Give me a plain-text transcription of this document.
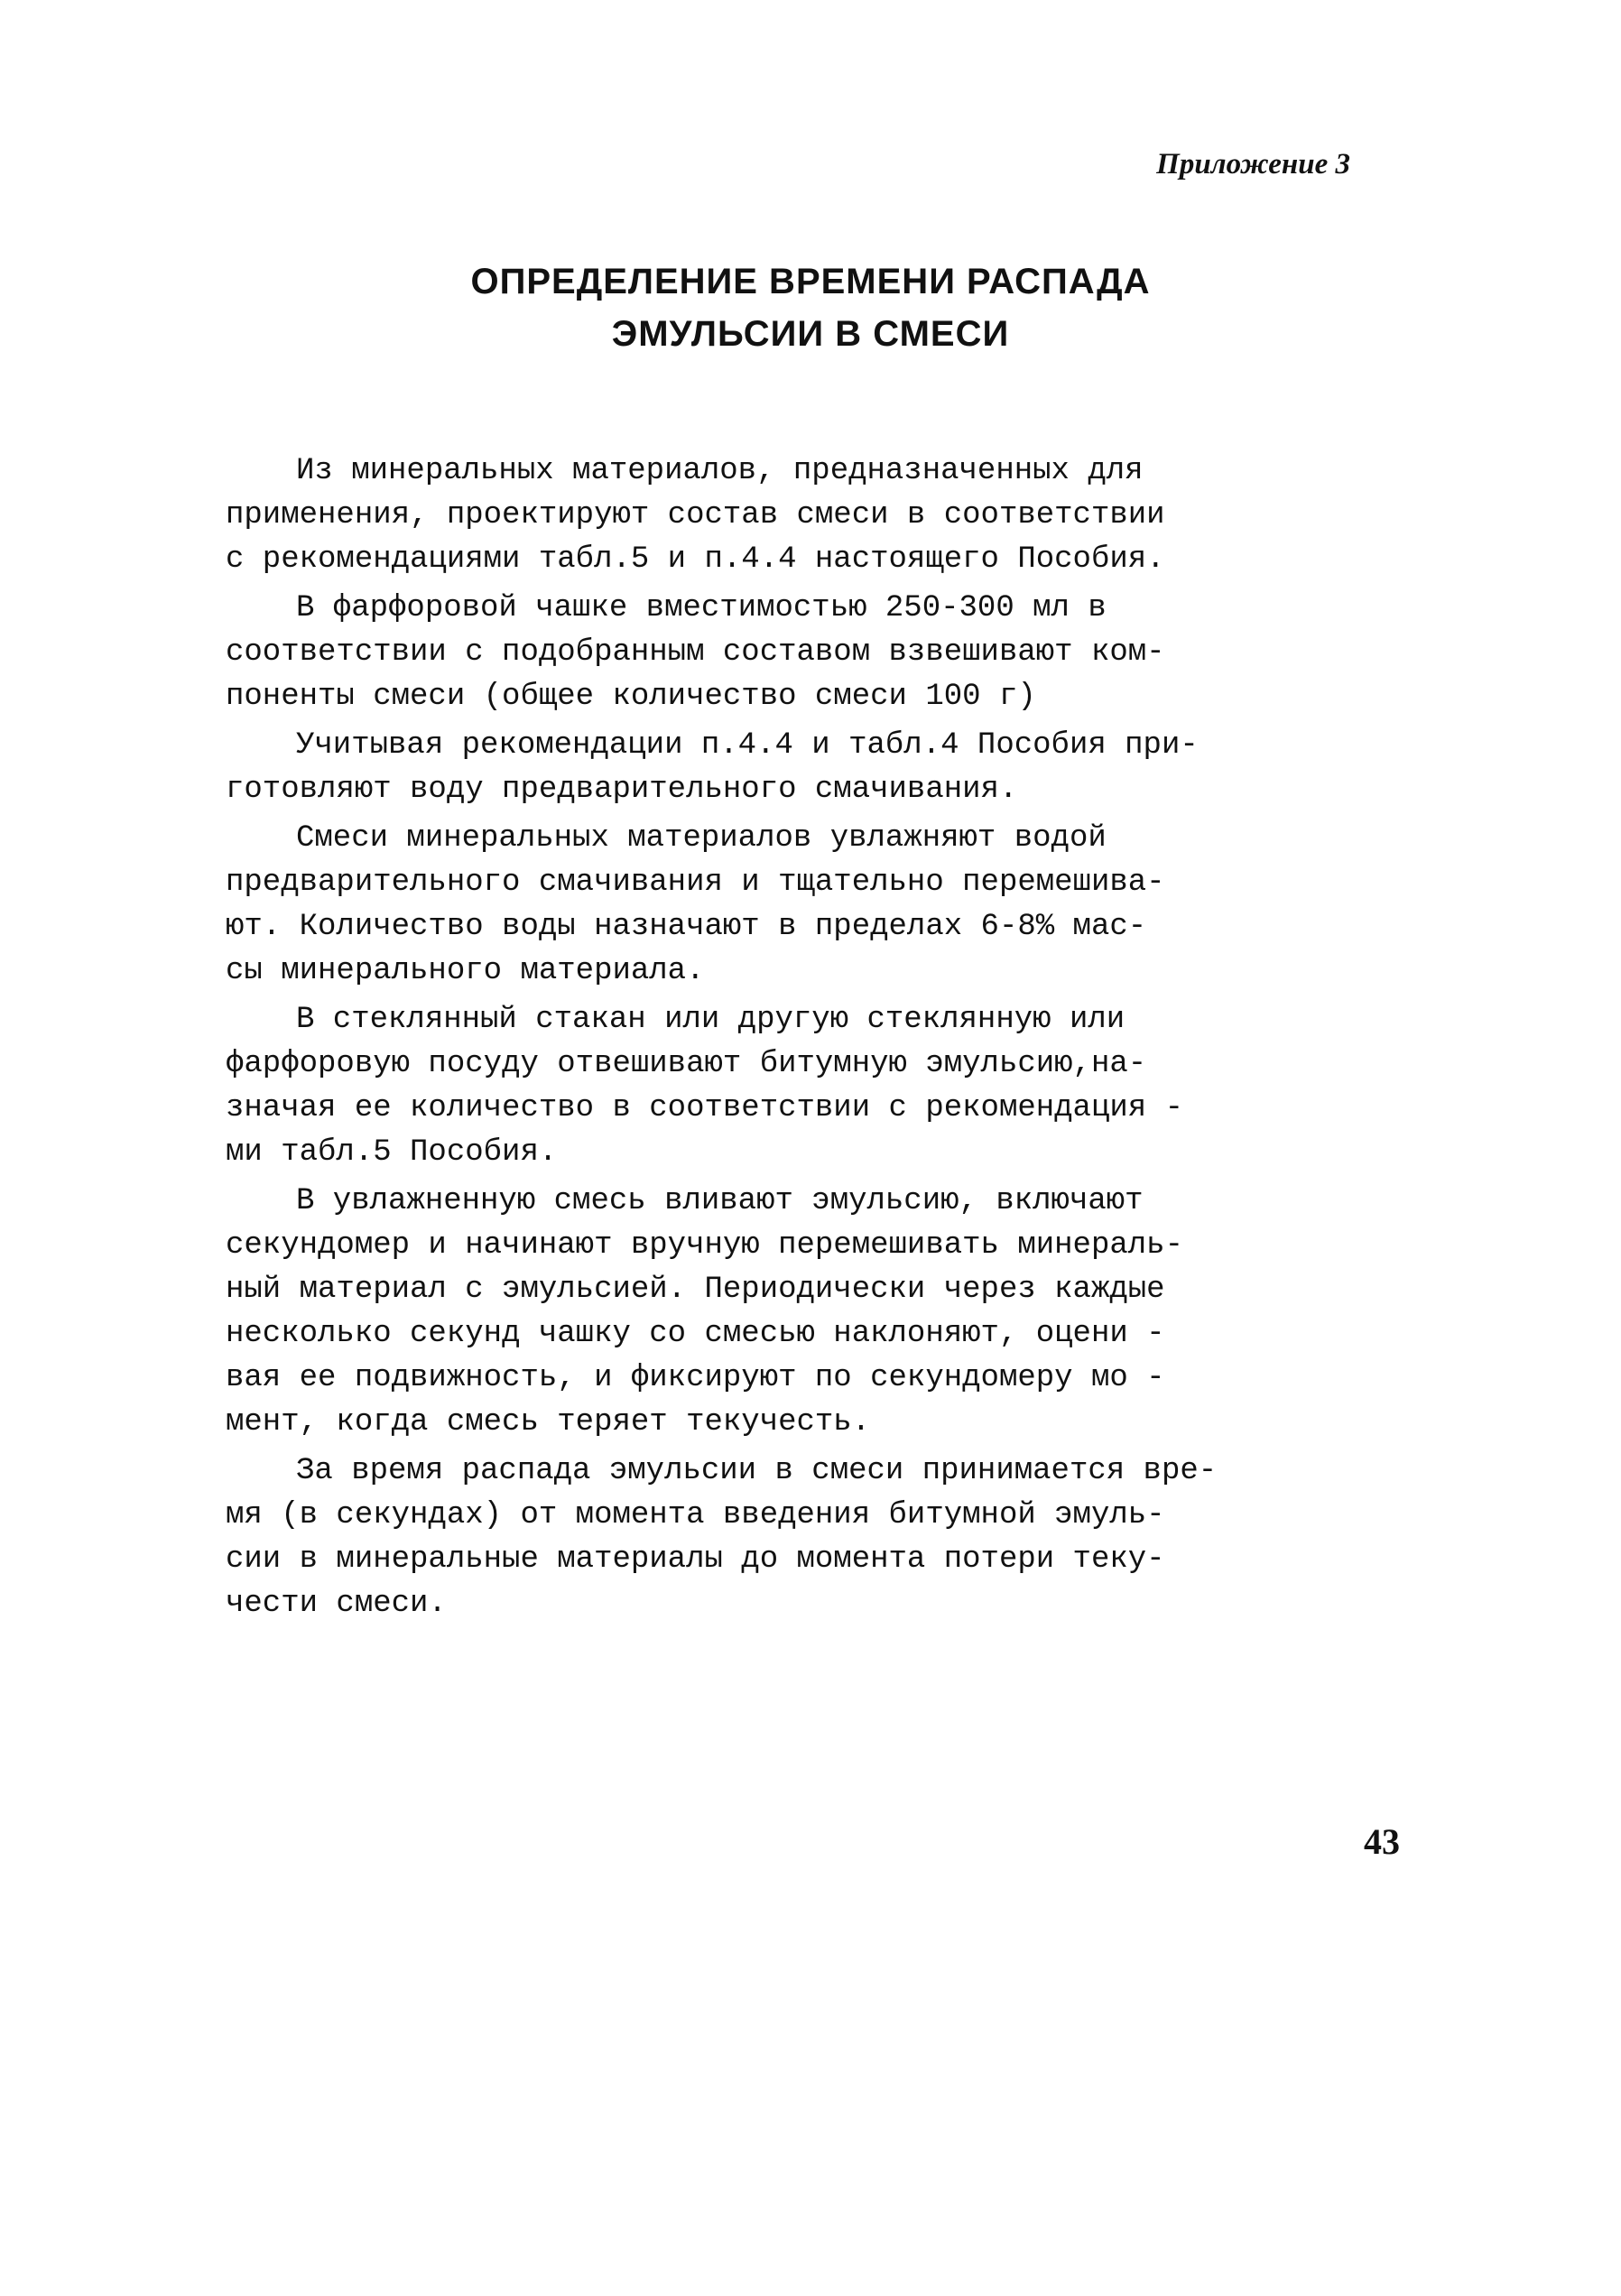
Приложение 3
ОПРЕДЕЛЕНИЕ ВРЕМЕНИ РАСПАДА
ЭМУЛЬСИИ В СМЕСИ
Из минеральных материалов, предназначенных для
применения, проектируют состав смеси в соответствии
с рекомендациями табл.5 и п.4.4 настоящего Пособия.
В фарфоровой чашке вместимостью 250-300 мл в
соответствии с подобранным составом взвешивают ком-
поненты смеси (общее количество смеси 100 г)
Учитывая рекомендации п.4.4 и табл.4 Пособия при-
готовляют воду предварительного смачивания.
Смеси минеральных материалов увлажняют водой
предварительного смачивания и тщательно перемешива-
ют. Количество воды назначают в пределах 6-8% мас-
сы минерального материала.
В стеклянный стакан или другую стеклянную или
фарфоровую посуду отвешивают битумную эмульсию,на-
значая ее количество в соответствии с рекомендация -
ми табл.5 Пособия.
В увлажненную смесь вливают эмульсию, включают
секундомер и начинают вручную перемешивать минераль-
ный материал с эмульсией. Периодически через каждые
несколько секунд чашку со смесью наклоняют, оцени -
вая ее подвижность, и фиксируют по секундомеру мо -
мент, когда смесь теряет текучесть.
За время распада эмульсии в смеси принимается вре-
мя (в секундах) от момента введения битумной эмуль-
сии в минеральные материалы до момента потери теку-
чести смеси.
43
